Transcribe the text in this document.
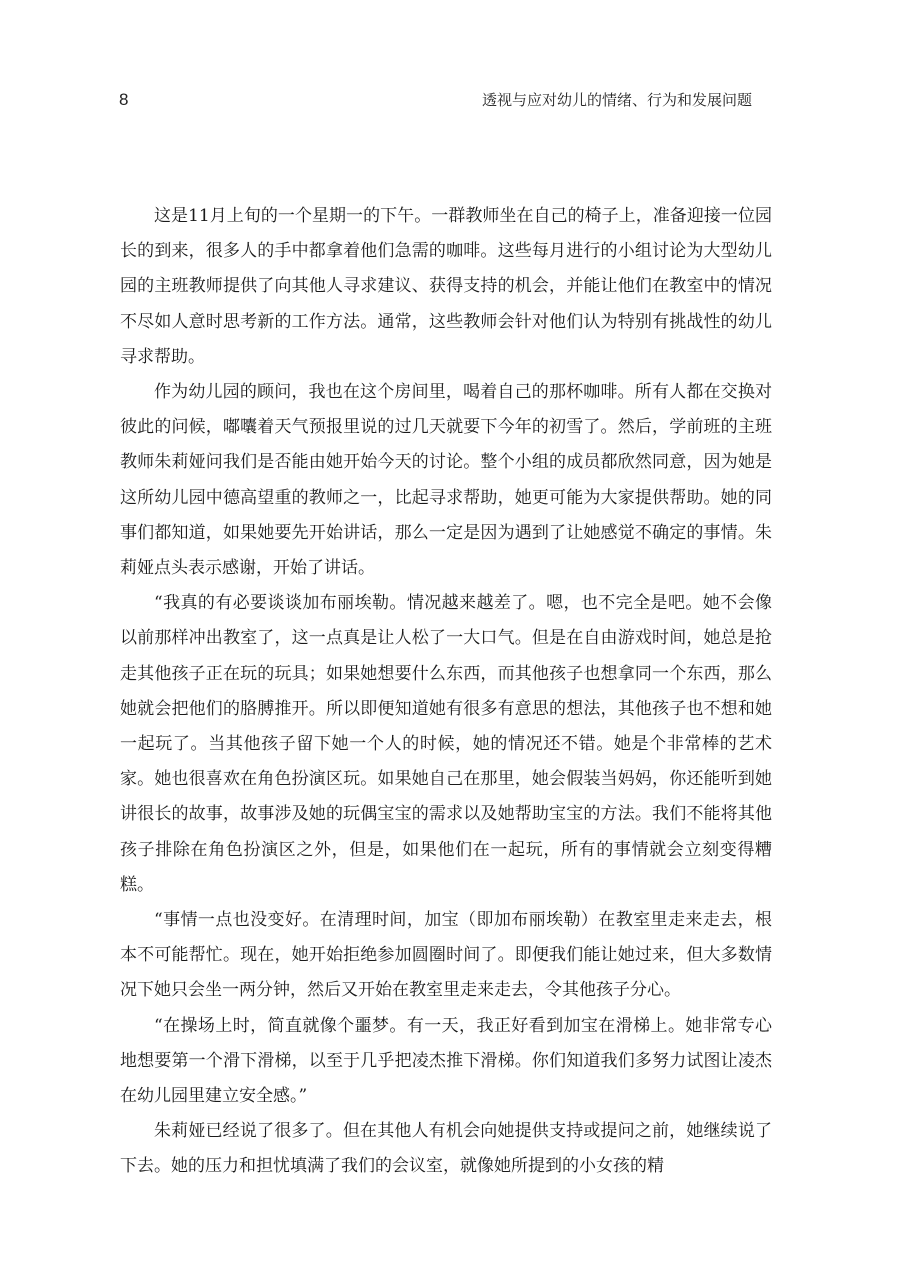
8	透视与应对幼儿的情绪、行为和发展问题

这是11月上旬的一个星期一的下午。一群教师坐在自己的椅子上，准备迎接一位园长的到来，很多人的手中都拿着他们急需的咖啡。这些每月进行的小组讨论为大型幼儿园的主班教师提供了向其他人寻求建议、获得支持的机会，并能让他们在教室中的情况不尽如人意时思考新的工作方法。通常，这些教师会针对他们认为特别有挑战性的幼儿寻求帮助。

作为幼儿园的顾问，我也在这个房间里，喝着自己的那杯咖啡。所有人都在交换对彼此的问候，嘟囔着天气预报里说的过几天就要下今年的初雪了。然后，学前班的主班教师朱莉娅问我们是否能由她开始今天的讨论。整个小组的成员都欣然同意，因为她是这所幼儿园中德高望重的教师之一，比起寻求帮助，她更可能为大家提供帮助。她的同事们都知道，如果她要先开始讲话，那么一定是因为遇到了让她感觉不确定的事情。朱莉娅点头表示感谢，开始了讲话。

“我真的有必要谈谈加布丽埃勒。情况越来越差了。嗯，也不完全是吧。她不会像以前那样冲出教室了，这一点真是让人松了一大口气。但是在自由游戏时间，她总是抢走其他孩子正在玩的玩具；如果她想要什么东西，而其他孩子也想拿同一个东西，那么她就会把他们的胳膊推开。所以即便知道她有很多有意思的想法，其他孩子也不想和她一起玩了。当其他孩子留下她一个人的时候，她的情况还不错。她是个非常棒的艺术家。她也很喜欢在角色扮演区玩。如果她自己在那里，她会假装当妈妈，你还能听到她讲很长的故事，故事涉及她的玩偶宝宝的需求以及她帮助宝宝的方法。我们不能将其他孩子排除在角色扮演区之外，但是，如果他们在一起玩，所有的事情就会立刻变得糟糕。

“事情一点也没变好。在清理时间，加宝（即加布丽埃勒）在教室里走来走去，根本不可能帮忙。现在，她开始拒绝参加圆圈时间了。即便我们能让她过来，但大多数情况下她只会坐一两分钟，然后又开始在教室里走来走去，令其他孩子分心。

“在操场上时，简直就像个噩梦。有一天，我正好看到加宝在滑梯上。她非常专心地想要第一个滑下滑梯，以至于几乎把凌杰推下滑梯。你们知道我们多努力试图让凌杰在幼儿园里建立安全感。”

朱莉娅已经说了很多了。但在其他人有机会向她提供支持或提问之前，她继续说了下去。她的压力和担忧填满了我们的会议室，就像她所提到的小女孩的精
